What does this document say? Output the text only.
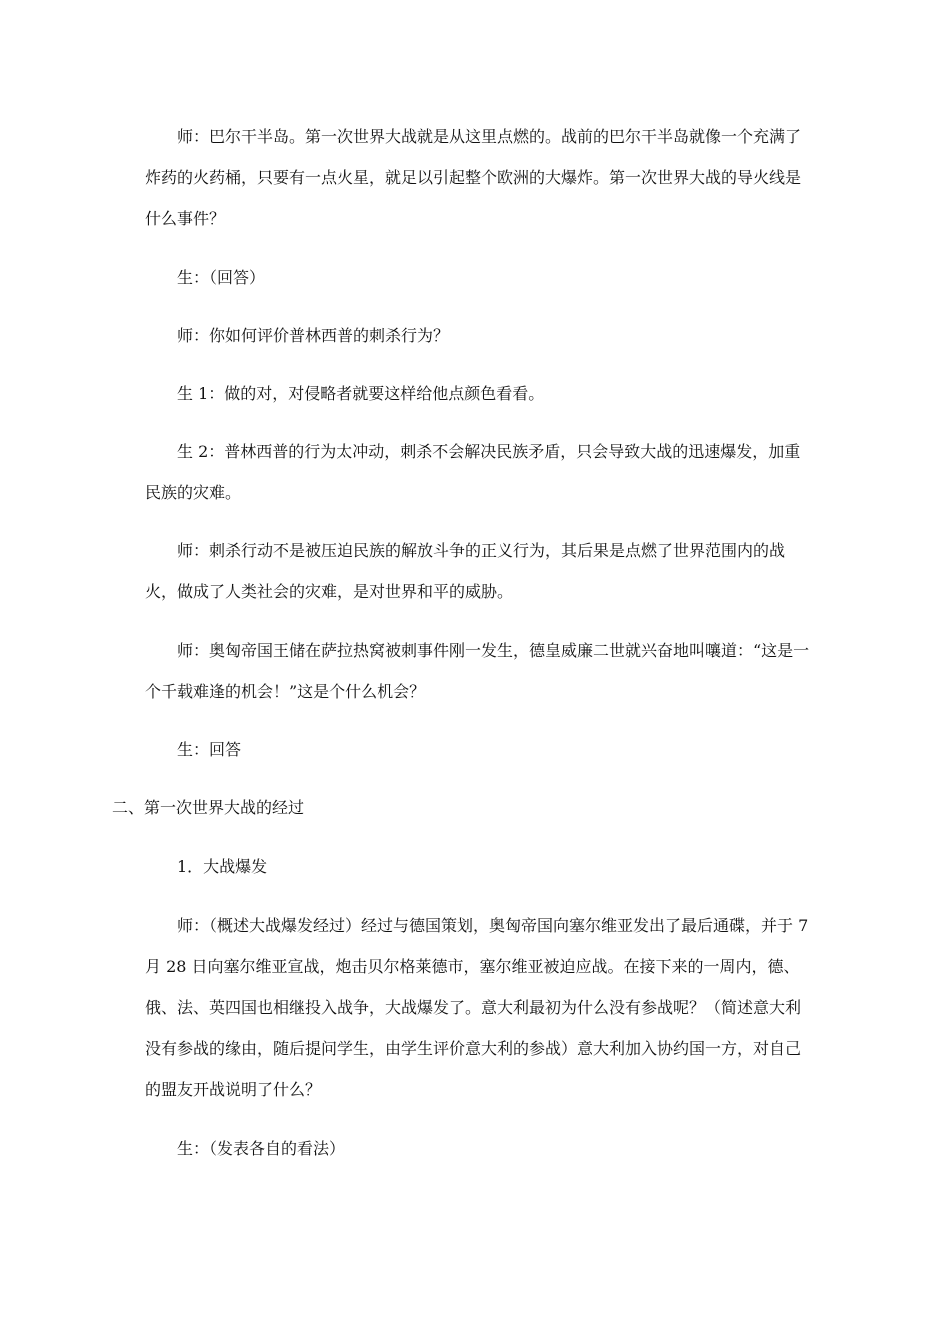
师：巴尔干半岛。第一次世界大战就是从这里点燃的。战前的巴尔干半岛就像一个充满了炸药的火药桶，只要有一点火星，就足以引起整个欧洲的大爆炸。第一次世界大战的导火线是什么事件？

生：（回答）

师：你如何评价普林西普的刺杀行为？

生 1：做的对，对侵略者就要这样给他点颜色看看。

生 2：普林西普的行为太冲动，刺杀不会解决民族矛盾，只会导致大战的迅速爆发，加重民族的灾难。

师：刺杀行动不是被压迫民族的解放斗争的正义行为，其后果是点燃了世界范围内的战火，做成了人类社会的灾难，是对世界和平的威胁。

师：奥匈帝国王储在萨拉热窝被刺事件刚一发生，德皇威廉二世就兴奋地叫嚷道：“这是一个千载难逢的机会！”这是个什么机会？

生：回答

二、第一次世界大战的经过

1．大战爆发

师：（概述大战爆发经过）经过与德国策划，奥匈帝国向塞尔维亚发出了最后通碟，并于 7 月 28 日向塞尔维亚宣战，炮击贝尔格莱德市，塞尔维亚被迫应战。在接下来的一周内，德、俄、法、英四国也相继投入战争，大战爆发了。意大利最初为什么没有参战呢？（简述意大利没有参战的缘由，随后提问学生，由学生评价意大利的参战）意大利加入协约国一方，对自己的盟友开战说明了什么？

生：（发表各自的看法）
